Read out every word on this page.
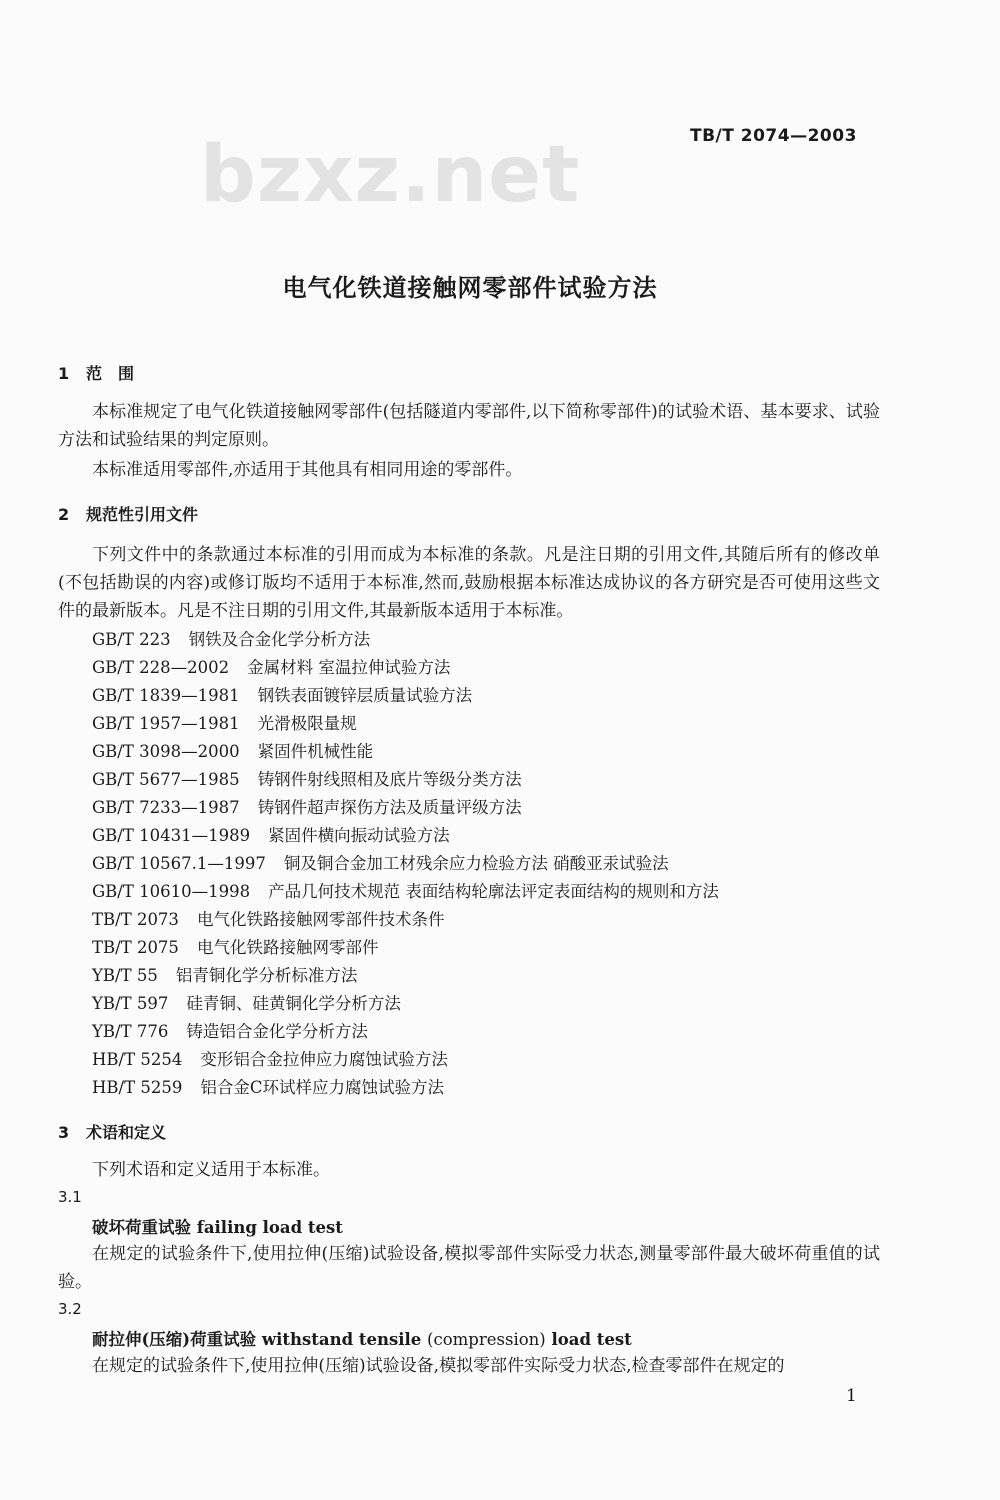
TB/T 2074—2003
bzxz.net
电气化铁道接触网零部件试验方法
1 范　围

本标准规定了电气化铁道接触网零部件(包括隧道内零部件,以下简称零部件)的试验术语、基本要求、试验方法和试验结果的判定原则。

本标准适用零部件,亦适用于其他具有相同用途的零部件。

2 规范性引用文件

下列文件中的条款通过本标准的引用而成为本标准的条款。凡是注日期的引用文件,其随后所有的修改单(不包括勘误的内容)或修订版均不适用于本标准,然而,鼓励根据本标准达成协议的各方研究是否可使用这些文件的最新版本。凡是不注日期的引用文件,其最新版本适用于本标准。

GB/T 223 钢铁及合金化学分析方法
GB/T 228—2002 金属材料 室温拉伸试验方法
GB/T 1839—1981 钢铁表面镀锌层质量试验方法
GB/T 1957—1981 光滑极限量规
GB/T 3098—2000 紧固件机械性能
GB/T 5677—1985 铸钢件射线照相及底片等级分类方法
GB/T 7233—1987 铸钢件超声探伤方法及质量评级方法
GB/T 10431—1989 紧固件横向振动试验方法
GB/T 10567.1—1997 铜及铜合金加工材残余应力检验方法 硝酸亚汞试验法
GB/T 10610—1998 产品几何技术规范 表面结构轮廓法评定表面结构的规则和方法
TB/T 2073 电气化铁路接触网零部件技术条件
TB/T 2075 电气化铁路接触网零部件
YB/T 55 铝青铜化学分析标准方法
YB/T 597 硅青铜、硅黄铜化学分析方法
YB/T 776 铸造铝合金化学分析方法
HB/T 5254 变形铝合金拉伸应力腐蚀试验方法
HB/T 5259 铝合金C环试样应力腐蚀试验方法
3 术语和定义

下列术语和定义适用于本标准。

3.1
破坏荷重试验 failing load test

在规定的试验条件下,使用拉伸(压缩)试验设备,模拟零部件实际受力状态,测量零部件最大破坏荷重值的试验。

3.2
耐拉伸(压缩)荷重试验 withstand tensile (compression) load test

在规定的试验条件下,使用拉伸(压缩)试验设备,模拟零部件实际受力状态,检查零部件在规定的

1
